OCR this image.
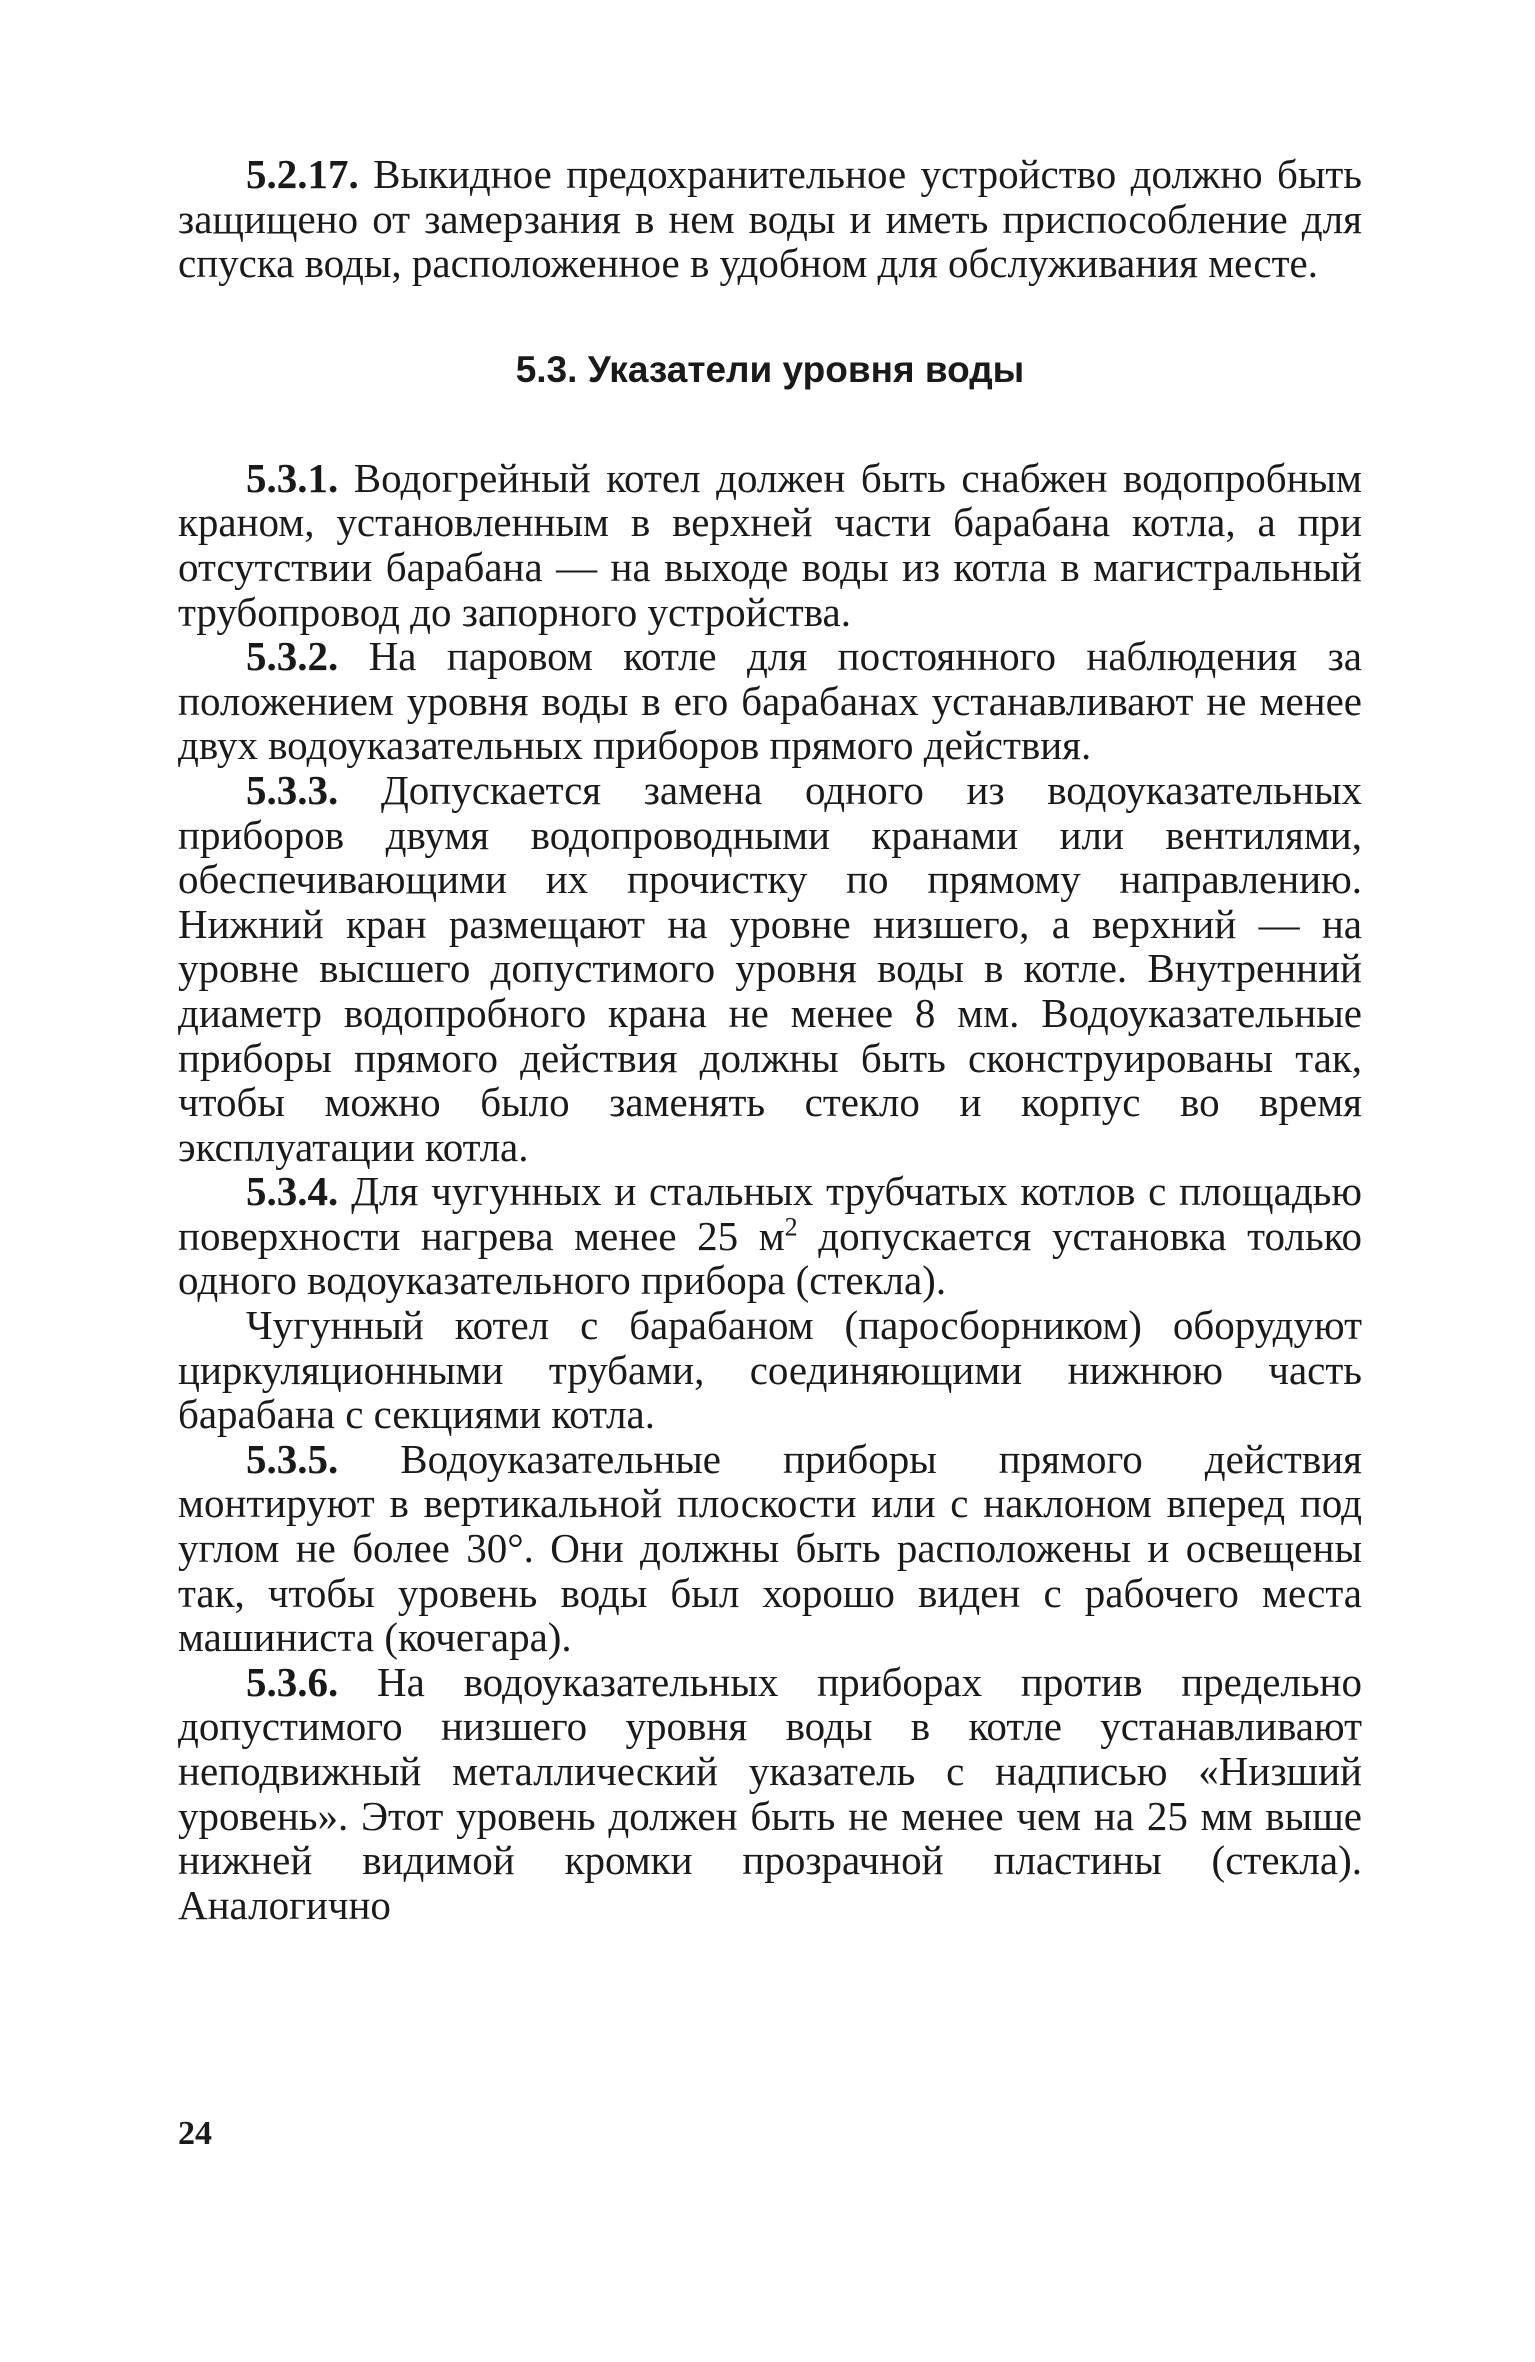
5.2.17. Выкидное предохранительное устройство должно быть защищено от замерзания в нем воды и иметь приспособление для спуска воды, расположенное в удобном для обслуживания месте.

5.3. Указатели уровня воды

5.3.1. Водогрейный котел должен быть снабжен водопробным краном, установленным в верхней части барабана котла, а при отсутствии барабана — на выходе воды из котла в магистральный трубопровод до запорного устройства.

5.3.2. На паровом котле для постоянного наблюдения за положением уровня воды в его барабанах устанавливают не менее двух водоуказательных приборов прямого действия.

5.3.3. Допускается замена одного из водоуказательных приборов двумя водопроводными кранами или вентилями, обеспечивающими их прочистку по прямому направлению. Нижний кран размещают на уровне низшего, а верхний — на уровне высшего допустимого уровня воды в котле. Внутренний диаметр водопробного крана не менее 8 мм. Водоуказательные приборы прямого действия должны быть сконструированы так, чтобы можно было заменять стекло и корпус во время эксплуатации котла.

5.3.4. Для чугунных и стальных трубчатых котлов с площадью поверхности нагрева менее 25 $м^2$ допускается установка только одного водоуказательного прибора (стекла).

Чугунный котел с барабаном (паросборником) оборудуют циркуляционными трубами, соединяющими нижнюю часть барабана с секциями котла.

5.3.5. Водоуказательные приборы прямого действия монтируют в вертикальной плоскости или с наклоном вперед под углом не более 30°. Они должны быть расположены и освещены так, чтобы уровень воды был хорошо виден с рабочего места машиниста (кочегара).

5.3.6. На водоуказательных приборах против предельно допустимого низшего уровня воды в котле устанавливают неподвижный металлический указатель с надписью «Низший уровень». Этот уровень должен быть не менее чем на 25 мм выше нижней видимой кромки прозрачной пластины (стекла). Аналогично

24
